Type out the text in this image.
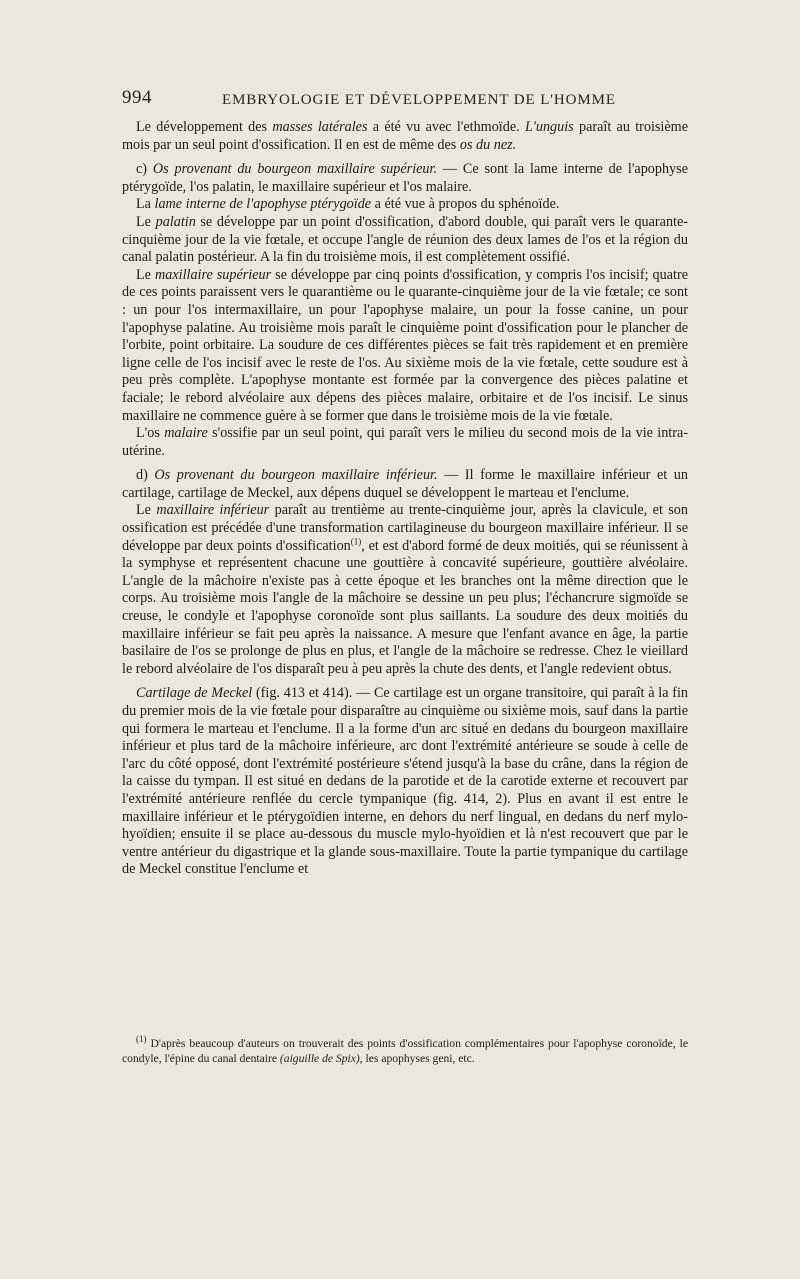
994	EMBRYOLOGIE ET DÉVELOPPEMENT DE L'HOMME

Le développement des masses latérales a été vu avec l'ethmoïde. L'unguis paraît au troisième mois par un seul point d'ossification. Il en est de même des os du nez.

c) Os provenant du bourgeon maxillaire supérieur. — Ce sont la lame interne de l'apophyse ptérygoïde, l'os palatin, le maxillaire supérieur et l'os malaire.

La lame interne de l'apophyse ptérygoïde a été vue à propos du sphénoïde.

Le palatin se développe par un point d'ossification, d'abord double, qui paraît vers le quarante-cinquième jour de la vie fœtale, et occupe l'angle de réunion des deux lames de l'os et la région du canal palatin postérieur. A la fin du troisième mois, il est complètement ossifié.

Le maxillaire supérieur se développe par cinq points d'ossification, y compris l'os incisif; quatre de ces points paraissent vers le quarantième ou le quarante-cinquième jour de la vie fœtale; ce sont : un pour l'os intermaxillaire, un pour l'apophyse malaire, un pour la fosse canine, un pour l'apophyse palatine. Au troisième mois paraît le cinquième point d'ossification pour le plancher de l'orbite, point orbitaire. La soudure de ces différentes pièces se fait très rapidement et en première ligne celle de l'os incisif avec le reste de l'os. Au sixième mois de la vie fœtale, cette soudure est à peu près complète. L'apophyse montante est formée par la convergence des pièces palatine et faciale; le rebord alvéolaire aux dépens des pièces malaire, orbitaire et de l'os incisif. Le sinus maxillaire ne commence guère à se former que dans le troisième mois de la vie fœtale.

L'os malaire s'ossifie par un seul point, qui paraît vers le milieu du second mois de la vie intra-utérine.

d) Os provenant du bourgeon maxillaire inférieur. — Il forme le maxillaire inférieur et un cartilage, cartilage de Meckel, aux dépens duquel se développent le marteau et l'enclume.

Le maxillaire inférieur paraît au trentième au trente-cinquième jour, après la clavicule, et son ossification est précédée d'une transformation cartilagineuse du bourgeon maxillaire inférieur. Il se développe par deux points d'ossification$^{(1)}$, et est d'abord formé de deux moitiés, qui se réunissent à la symphyse et représentent chacune une gouttière à concavité supérieure, gouttière alvéolaire. L'angle de la mâchoire n'existe pas à cette époque et les branches ont la même direction que le corps. Au troisième mois l'angle de la mâchoire se dessine un peu plus; l'échancrure sigmoïde se creuse, le condyle et l'apophyse coronoïde sont plus saillants. La soudure des deux moitiés du maxillaire inférieur se fait peu après la naissance. A mesure que l'enfant avance en âge, la partie basilaire de l'os se prolonge de plus en plus, et l'angle de la mâchoire se redresse. Chez le vieillard le rebord alvéolaire de l'os disparaît peu à peu après la chute des dents, et l'angle redevient obtus.

Cartilage de Meckel (fig. 413 et 414). — Ce cartilage est un organe transitoire, qui paraît à la fin du premier mois de la vie fœtale pour disparaître au cinquième ou sixième mois, sauf dans la partie qui formera le marteau et l'enclume. Il a la forme d'un arc situé en dedans du bourgeon maxillaire inférieur et plus tard de la mâchoire inférieure, arc dont l'extrémité antérieure se soude à celle de l'arc du côté opposé, dont l'extrémité postérieure s'étend jusqu'à la base du crâne, dans la région de la caisse du tympan. Il est situé en dedans de la parotide et de la carotide externe et recouvert par l'extrémité antérieure renflée du cercle tympanique (fig. 414, 2). Plus en avant il est entre le maxillaire inférieur et le ptérygoïdien interne, en dehors du nerf lingual, en dedans du nerf mylo-hyoïdien; ensuite il se place au-dessous du muscle mylo-hyoïdien et là n'est recouvert que par le ventre antérieur du digastrique et la glande sous-maxillaire. Toute la partie tympanique du cartilage de Meckel constitue l'enclume et

$^{(1)}$ D'après beaucoup d'auteurs on trouverait des points d'ossification complémentaires pour l'apophyse coronoïde, le condyle, l'épine du canal dentaire (aiguille de Spix), les apophyses geni, etc.
